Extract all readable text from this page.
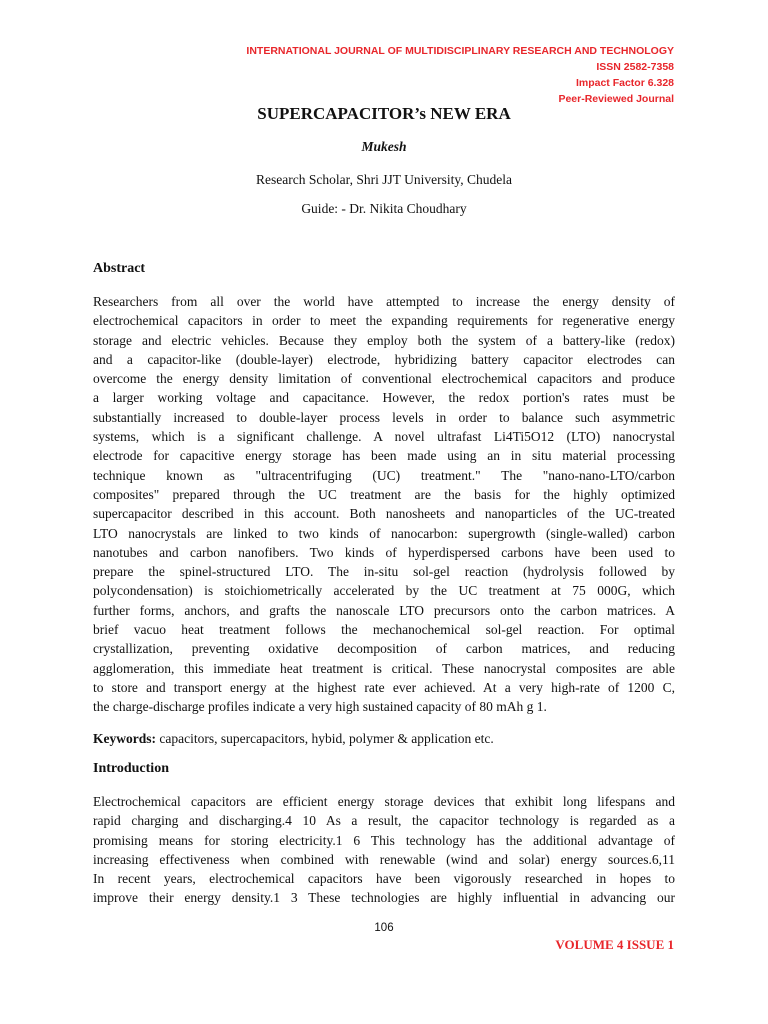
INTERNATIONAL JOURNAL OF MULTIDISCIPLINARY RESEARCH AND TECHNOLOGY
ISSN 2582-7358
Impact Factor 6.328
Peer-Reviewed Journal
SUPERCAPACITOR’s NEW ERA
Mukesh
Research Scholar, Shri JJT University, Chudela
Guide: - Dr. Nikita Choudhary
Abstract
Researchers from all over the world have attempted to increase the energy density of
electrochemical capacitors in order to meet the expanding requirements for regenerative energy
storage and electric vehicles. Because they employ both the system of a battery-like (redox)
and a capacitor-like (double-layer) electrode, hybridizing battery capacitor electrodes can
overcome the energy density limitation of conventional electrochemical capacitors and produce
a larger working voltage and capacitance. However, the redox portion's rates must be
substantially increased to double-layer process levels in order to balance such asymmetric
systems, which is a significant challenge. A novel ultrafast Li4Ti5O12 (LTO) nanocrystal
electrode for capacitive energy storage has been made using an in situ material processing
technique known as "ultracentrifuging (UC) treatment." The "nano-nano-LTO/carbon
composites" prepared through the UC treatment are the basis for the highly optimized
supercapacitor described in this account. Both nanosheets and nanoparticles of the UC-treated
LTO nanocrystals are linked to two kinds of nanocarbon: supergrowth (single-walled) carbon
nanotubes and carbon nanofibers. Two kinds of hyperdispersed carbons have been used to
prepare the spinel-structured LTO. The in-situ sol-gel reaction (hydrolysis followed by
polycondensation) is stoichiometrically accelerated by the UC treatment at 75 000G, which
further forms, anchors, and grafts the nanoscale LTO precursors onto the carbon matrices. A
brief vacuo heat treatment follows the mechanochemical sol-gel reaction. For optimal
crystallization, preventing oxidative decomposition of carbon matrices, and reducing
agglomeration, this immediate heat treatment is critical. These nanocrystal composites are able
to store and transport energy at the highest rate ever achieved. At a very high-rate of 1200 C,
the charge-discharge profiles indicate a very high sustained capacity of 80 mAh g 1.
Keywords: capacitors, supercapacitors, hybid, polymer & application etc.
Introduction
Electrochemical capacitors are efficient energy storage devices that exhibit long lifespans and
rapid charging and discharging.4 10 As a result, the capacitor technology is regarded as a
promising means for storing electricity.1 6 This technology has the additional advantage of
increasing effectiveness when combined with renewable (wind and solar) energy sources.6,11
In recent years, electrochemical capacitors have been vigorously researched in hopes to
improve their energy density.1 3 These technologies are highly influential in advancing our
106
VOLUME 4 ISSUE 1
